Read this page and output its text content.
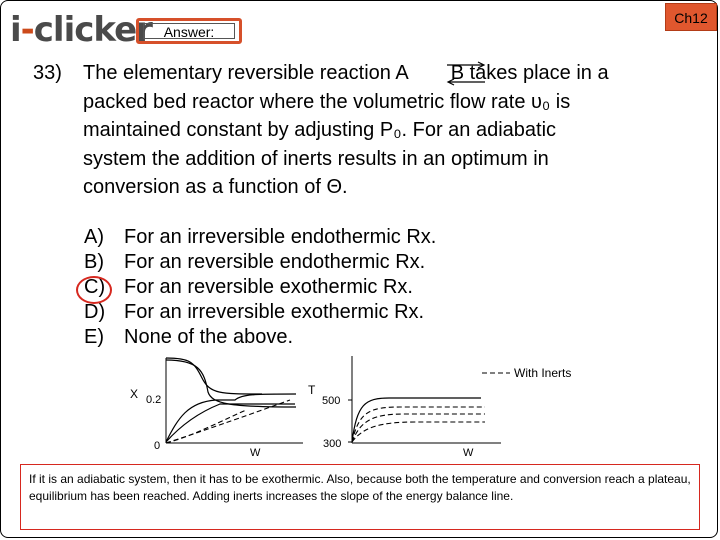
i-clicker Answer:
Ch12
33) The elementary reversible reaction A B takes place in a
packed bed reactor where the volumetric flow rate υ₀ is
maintained constant by adjusting P₀. For an adiabatic
system the addition of inerts results in an optimum in
conversion as a function of Θ.
A) For an irreversible endothermic Rx.
B) For an reversible endothermic Rx.
C) For an reversible exothermic Rx.
D) For an irreversible exothermic Rx.
E) None of the above.
X 0.2
0
W
T
500
300
W
With Inerts
If it is an adiabatic system, then it has to be exothermic. Also, because both the temperature and conversion reach a plateau, equilibrium has been reached. Adding inerts increases the slope of the energy balance line.
